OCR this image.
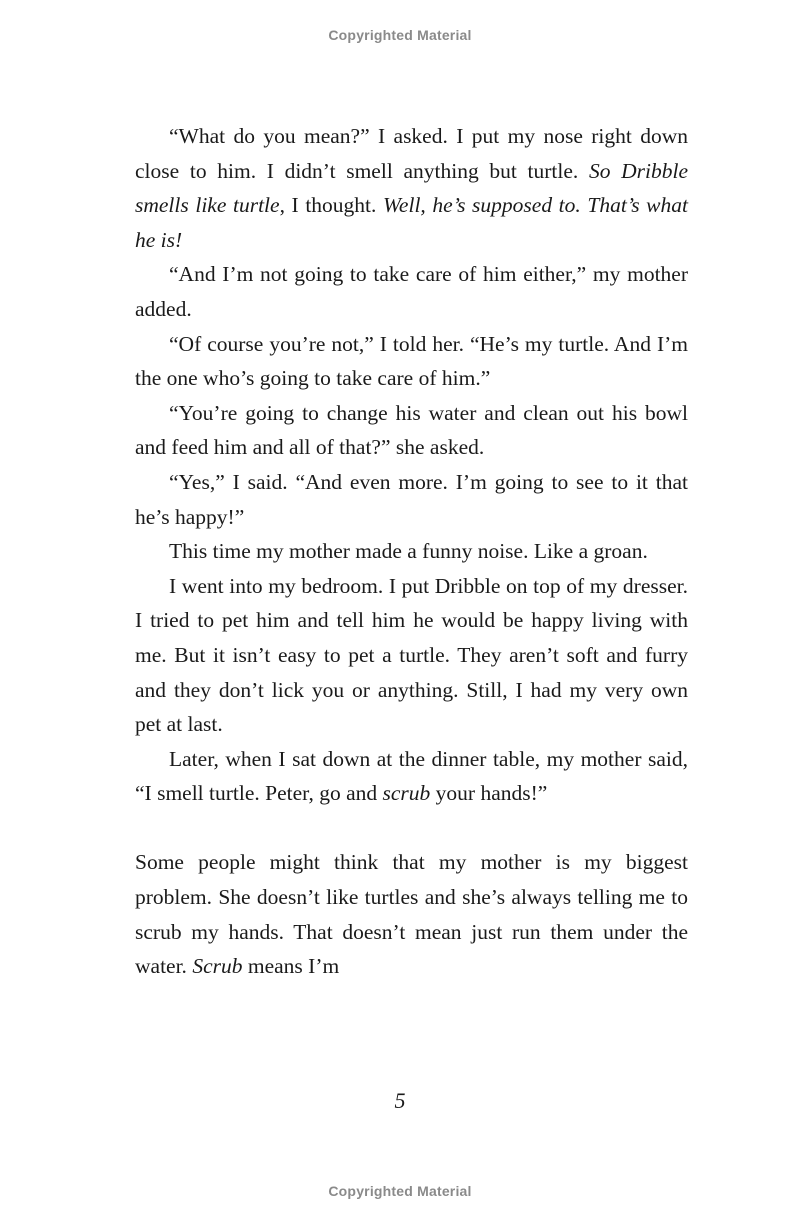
Copyrighted Material

“What do you mean?” I asked. I put my nose right down close to him. I didn’t smell anything but turtle. So Dribble smells like turtle, I thought. Well, he’s supposed to. That’s what he is!

“And I’m not going to take care of him either,” my mother added.

“Of course you’re not,” I told her. “He’s my turtle. And I’m the one who’s going to take care of him.”

“You’re going to change his water and clean out his bowl and feed him and all of that?” she asked.

“Yes,” I said. “And even more. I’m going to see to it that he’s happy!”

This time my mother made a funny noise. Like a groan.

I went into my bedroom. I put Dribble on top of my dresser. I tried to pet him and tell him he would be happy living with me. But it isn’t easy to pet a turtle. They aren’t soft and furry and they don’t lick you or anything. Still, I had my very own pet at last.

Later, when I sat down at the dinner table, my mother said, “I smell turtle. Peter, go and scrub your hands!”

Some people might think that my mother is my biggest problem. She doesn’t like turtles and she’s always telling me to scrub my hands. That doesn’t mean just run them under the water. Scrub means I’m

5
Copyrighted Material
